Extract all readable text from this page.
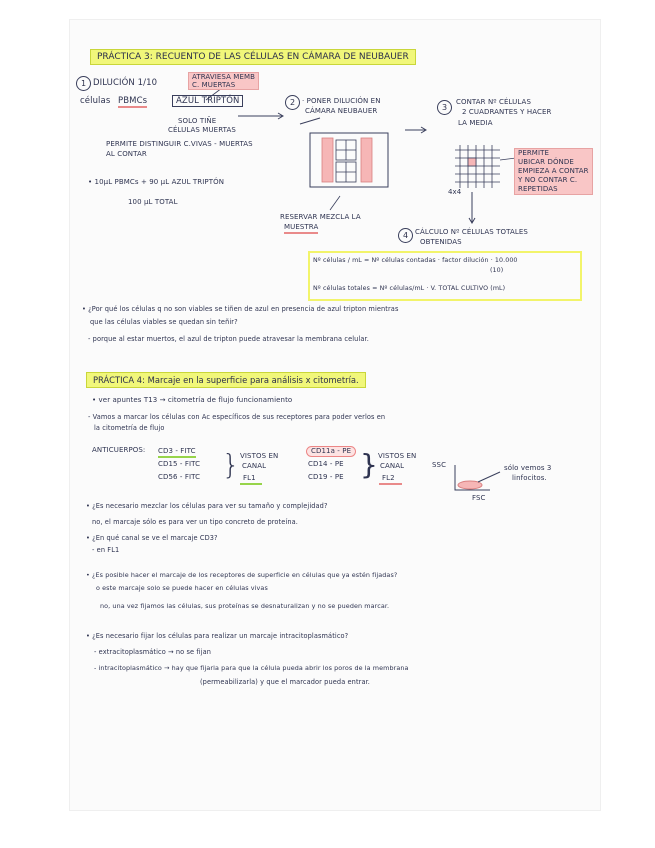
PRÁCTICA 3: RECUENTO DE LAS CÉLULAS EN CÁMARA DE NEUBAUER
1 DILUCIÓN 1/10
ATRAVIESA MEMB
C. MUERTAS
células PBMCs	AZUL TRIPTÓN
SOLO TIÑE
CÉLULAS MUERTAS
PERMITE DISTINGUIR C.VIVAS - MUERTAS
AL CONTAR
• 10μL PBMCs + 90 μL AZUL TRIPTÓN
100 μL TOTAL
2 · PONER DILUCIÓN EN
CÁMARA NEUBAUER
RESERVAR MEZCLA LA
MUESTRA
3
CONTAR Nº CÉLULAS
2 CUADRANTES Y HACER
LA MEDIA
4x4
PERMITE
UBICAR DÓNDE
EMPIEZA A CONTAR
Y NO CONTAR C.
REPETIDAS
4 CÁLCULO Nº CÉLULAS TOTALES
OBTENIDAS
Nº células / mL = Nº células contadas · factor dilución · 10.000
(10)
Nº células totales = Nº células/mL · V. TOTAL CULTIVO (mL)
• ¿Por qué los células q no son viables se tiñen de azul en presencia de azul tripton mientras
que las células viables se quedan sin teñir?
- porque al estar muertos, el azul de tripton puede atravesar la membrana celular.
PRÁCTICA 4: Marcaje en la superficie para análisis x citometría.
• ver apuntes T13 → citometría de flujo funcionamiento
- Vamos a marcar los células con Ac específicos de sus receptores para poder verlos en
la citometría de flujo
ANTICUERPOS: CD3 - FITC
CD15 - FITC
CD56 - FITC } VISTOS EN
CANAL
FL1
CD11a - PE
CD14 - PE
CD19 - PE } VISTOS EN
CANAL
FL2
SSC
FSC
sólo vemos 3
linfocitos.
• ¿Es necesario mezclar los células para ver su tamaño y complejidad?
no, el marcaje sólo es para ver un tipo concreto de proteína.
• ¿En qué canal se ve el marcaje CD3?
- en FL1
• ¿Es posible hacer el marcaje de los receptores de superficie en células que ya estén fijadas?
o este marcaje solo se puede hacer en células vivas
no, una vez fijamos las células, sus proteínas se desnaturalizan y no se pueden marcar.
• ¿Es necesario fijar los células para realizar un marcaje intracitoplasmático?
- extracitoplasmático → no se fijan
- intracitoplasmático → hay que fijarla para que la célula pueda abrir los poros de la membrana
(permeabilizarla) y que el marcador pueda entrar.
